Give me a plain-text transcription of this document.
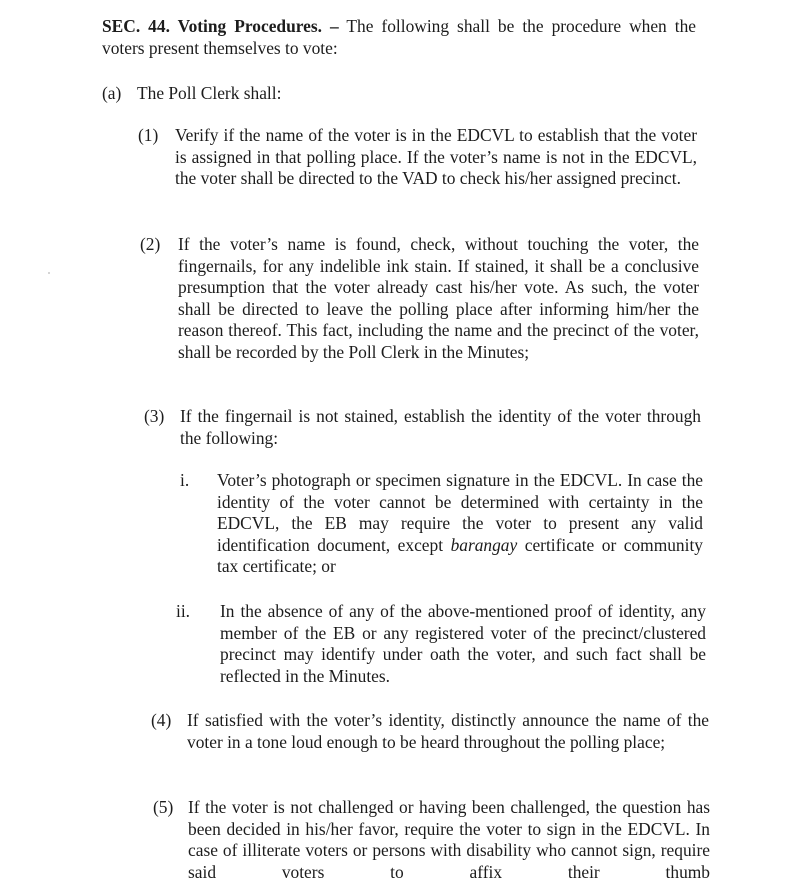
SEC. 44. Voting Procedures. – The following shall be the procedure when the voters present themselves to vote:
(a) The Poll Clerk shall:
(1) Verify if the name of the voter is in the EDCVL to establish that the voter is assigned in that polling place. If the voter’s name is not in the EDCVL, the voter shall be directed to the VAD to check his/her assigned precinct.
(2) If the voter’s name is found, check, without touching the voter, the fingernails, for any indelible ink stain. If stained, it shall be a conclusive presumption that the voter already cast his/her vote. As such, the voter shall be directed to leave the polling place after informing him/her the reason thereof. This fact, including the name and the precinct of the voter, shall be recorded by the Poll Clerk in the Minutes;
(3) If the fingernail is not stained, establish the identity of the voter through the following:
i. Voter’s photograph or specimen signature in the EDCVL. In case the identity of the voter cannot be determined with certainty in the EDCVL, the EB may require the voter to present any valid identification document, except barangay certificate or community tax certificate; or
ii. In the absence of any of the above-mentioned proof of identity, any member of the EB or any registered voter of the precinct/clustered precinct may identify under oath the voter, and such fact shall be reflected in the Minutes.
(4) If satisfied with the voter’s identity, distinctly announce the name of the voter in a tone loud enough to be heard throughout the polling place;
(5) If the voter is not challenged or having been challenged, the question has been decided in his/her favor, require the voter to sign in the EDCVL. In case of illiterate voters or persons with disability who cannot sign, require said voters to affix their thumb
